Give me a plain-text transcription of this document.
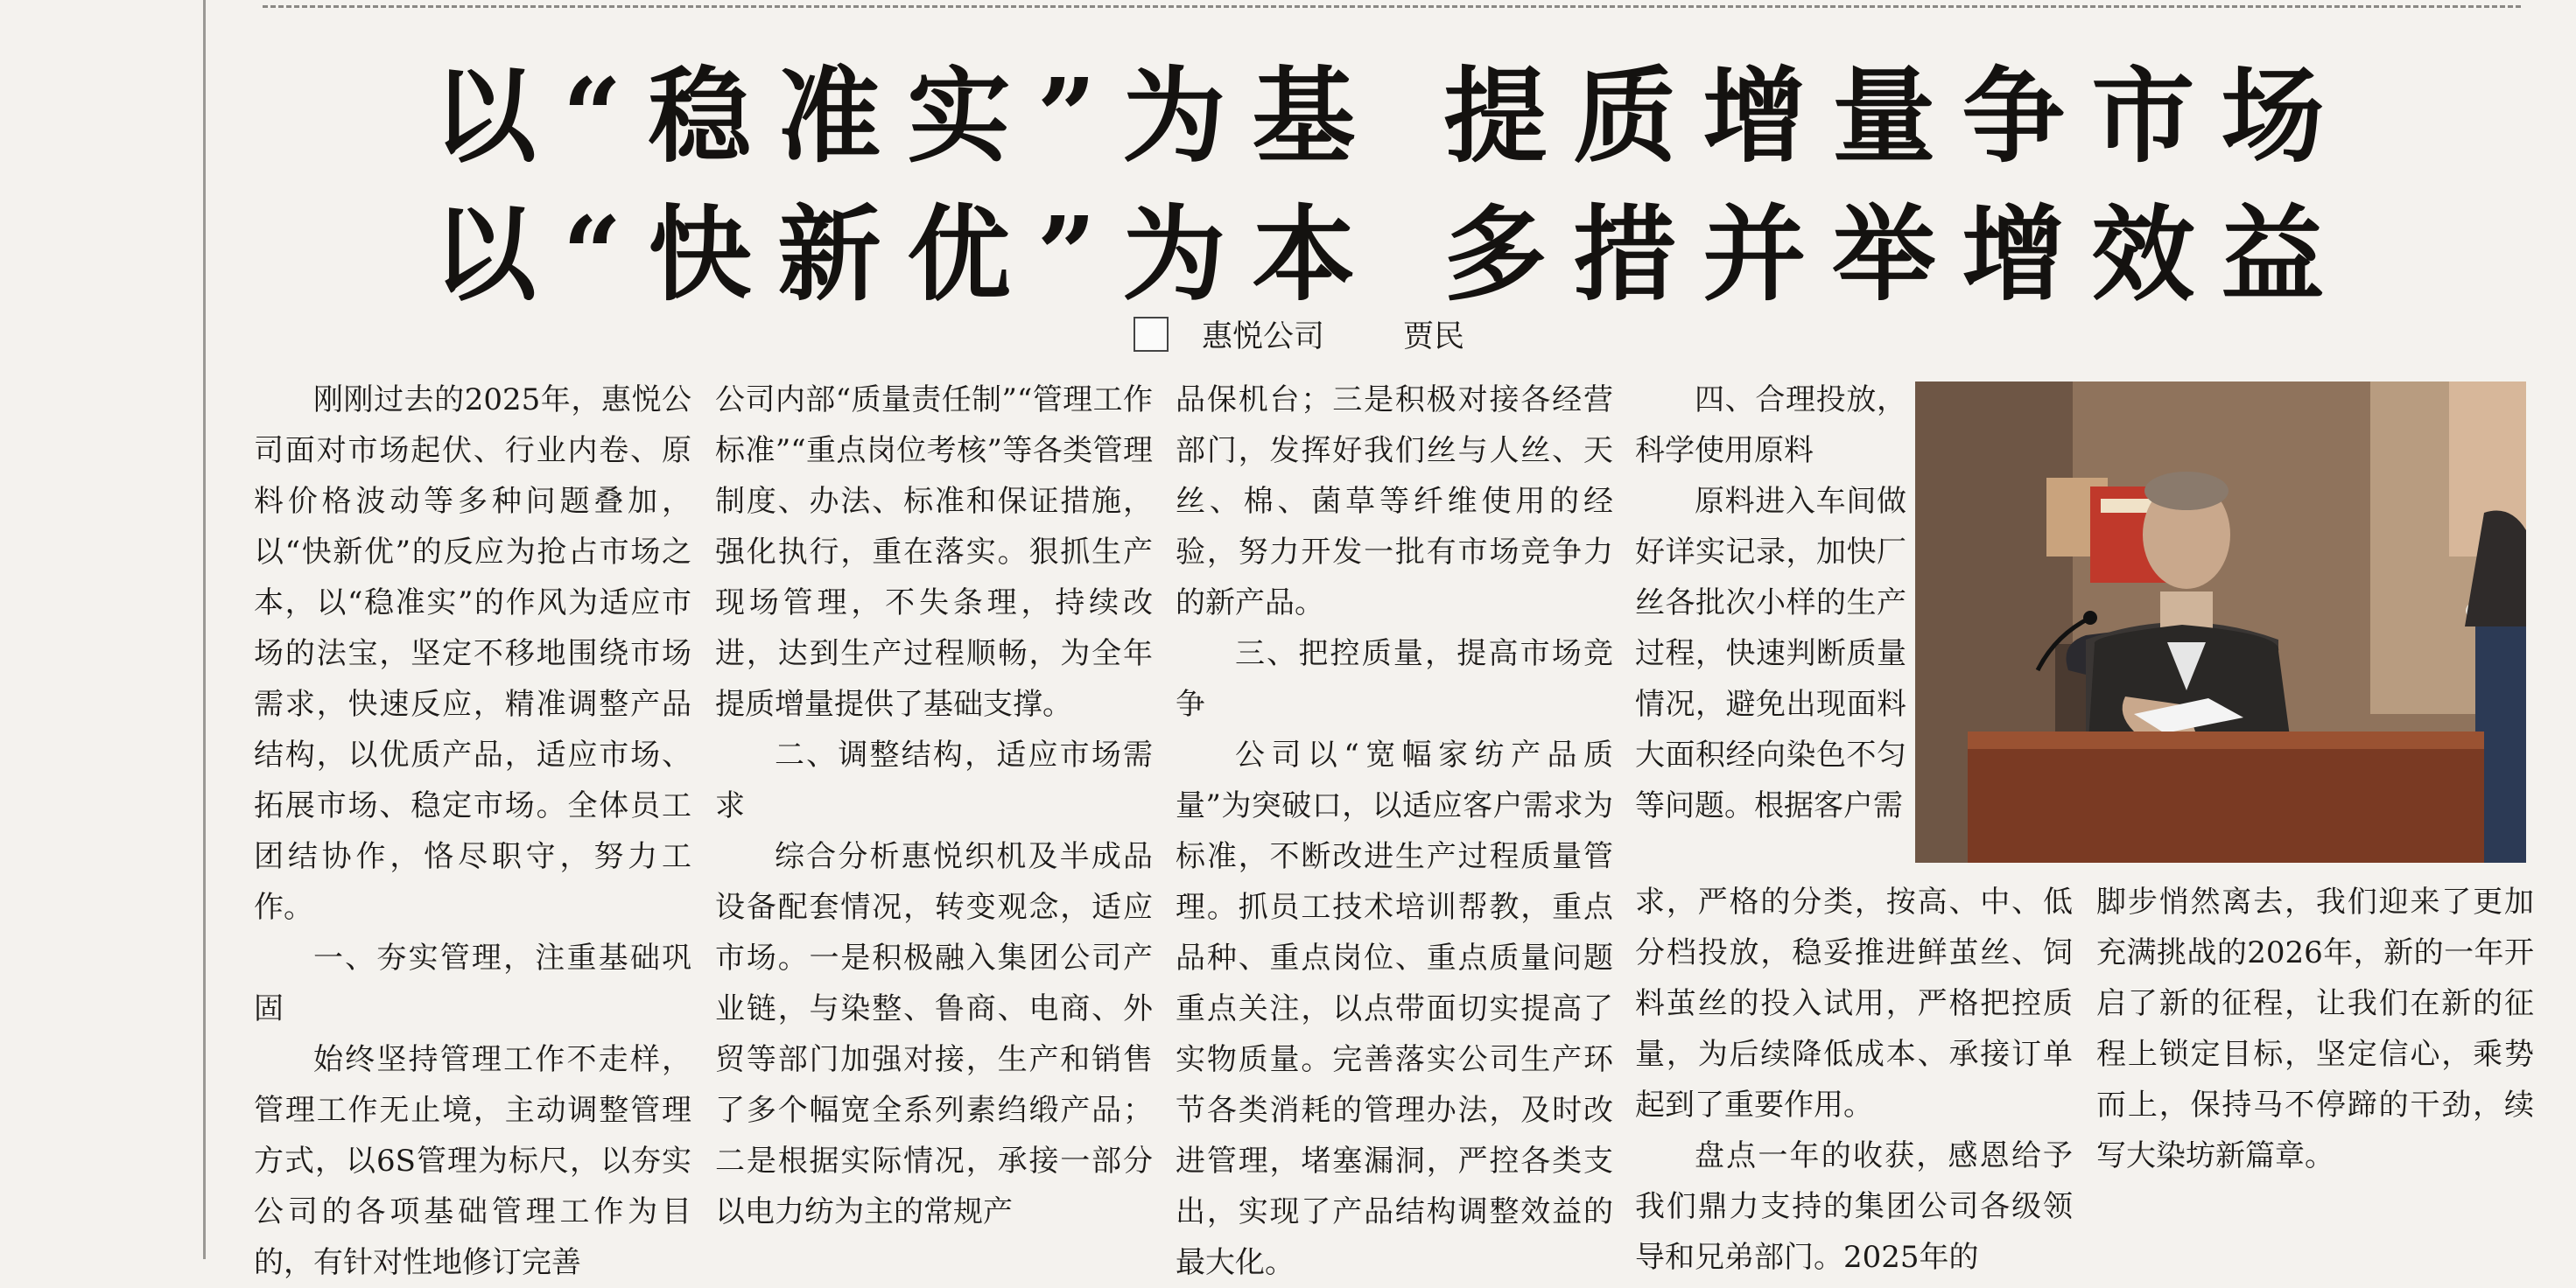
以“稳准实”为基 提质增量争市场
以“快新优”为本 多措并举增效益
惠悦公司	贾民

刚刚过去的2025年，惠悦公司面对市场起伏、行业内卷、原料价格波动等多种问题叠加，以“快新优”的反应为抢占市场之本，以“稳准实”的作风为适应市场的法宝，坚定不移地围绕市场需求，快速反应，精准调整产品结构，以优质产品，适应市场、拓展市场、稳定市场。全体员工团结协作，恪尽职守，努力工作。

一、夯实管理，注重基础巩固

始终坚持管理工作不走样，管理工作无止境，主动调整管理方式，以6S管理为标尺，以夯实公司的各项基础管理工作为目的，有针对性地修订完善

公司内部“质量责任制”“管理工作标准”“重点岗位考核”等各类管理制度、办法、标准和保证措施，强化执行，重在落实。狠抓生产现场管理，不失条理，持续改进，达到生产过程顺畅，为全年提质增量提供了基础支撑。

二、调整结构，适应市场需求

综合分析惠悦织机及半成品设备配套情况，转变观念，适应市场。一是积极融入集团公司产业链，与染整、鲁商、电商、外贸等部门加强对接，生产和销售了多个幅宽全系列素绉缎产品；二是根据实际情况，承接一部分以电力纺为主的常规产

品保机台；三是积极对接各经营部门，发挥好我们丝与人丝、天丝、棉、菌草等纤维使用的经验，努力开发一批有市场竞争力的新产品。

三、把控质量，提高市场竞争

公司以“宽幅家纺产品质量”为突破口，以适应客户需求为标准，不断改进生产过程质量管理。抓员工技术培训帮教，重点品种、重点岗位、重点质量问题重点关注，以点带面切实提高了实物质量。完善落实公司生产环节各类消耗的管理办法，及时改进管理，堵塞漏洞，严控各类支出，实现了产品结构调整效益的最大化。

四、合理投放，科学使用原料

原料进入车间做好详实记录，加快厂丝各批次小样的生产过程，快速判断质量情况，避免出现面料大面积经向染色不匀等问题。根据客户需

求，严格的分类，按高、中、低分档投放，稳妥推进鲜茧丝、饲料茧丝的投入试用，严格把控质量，为后续降低成本、承接订单起到了重要作用。

盘点一年的收获，感恩给予我们鼎力支持的集团公司各级领导和兄弟部门。2025年的

脚步悄然离去，我们迎来了更加充满挑战的2026年，新的一年开启了新的征程，让我们在新的征程上锁定目标，坚定信心，乘势而上，保持马不停蹄的干劲，续写大染坊新篇章。
